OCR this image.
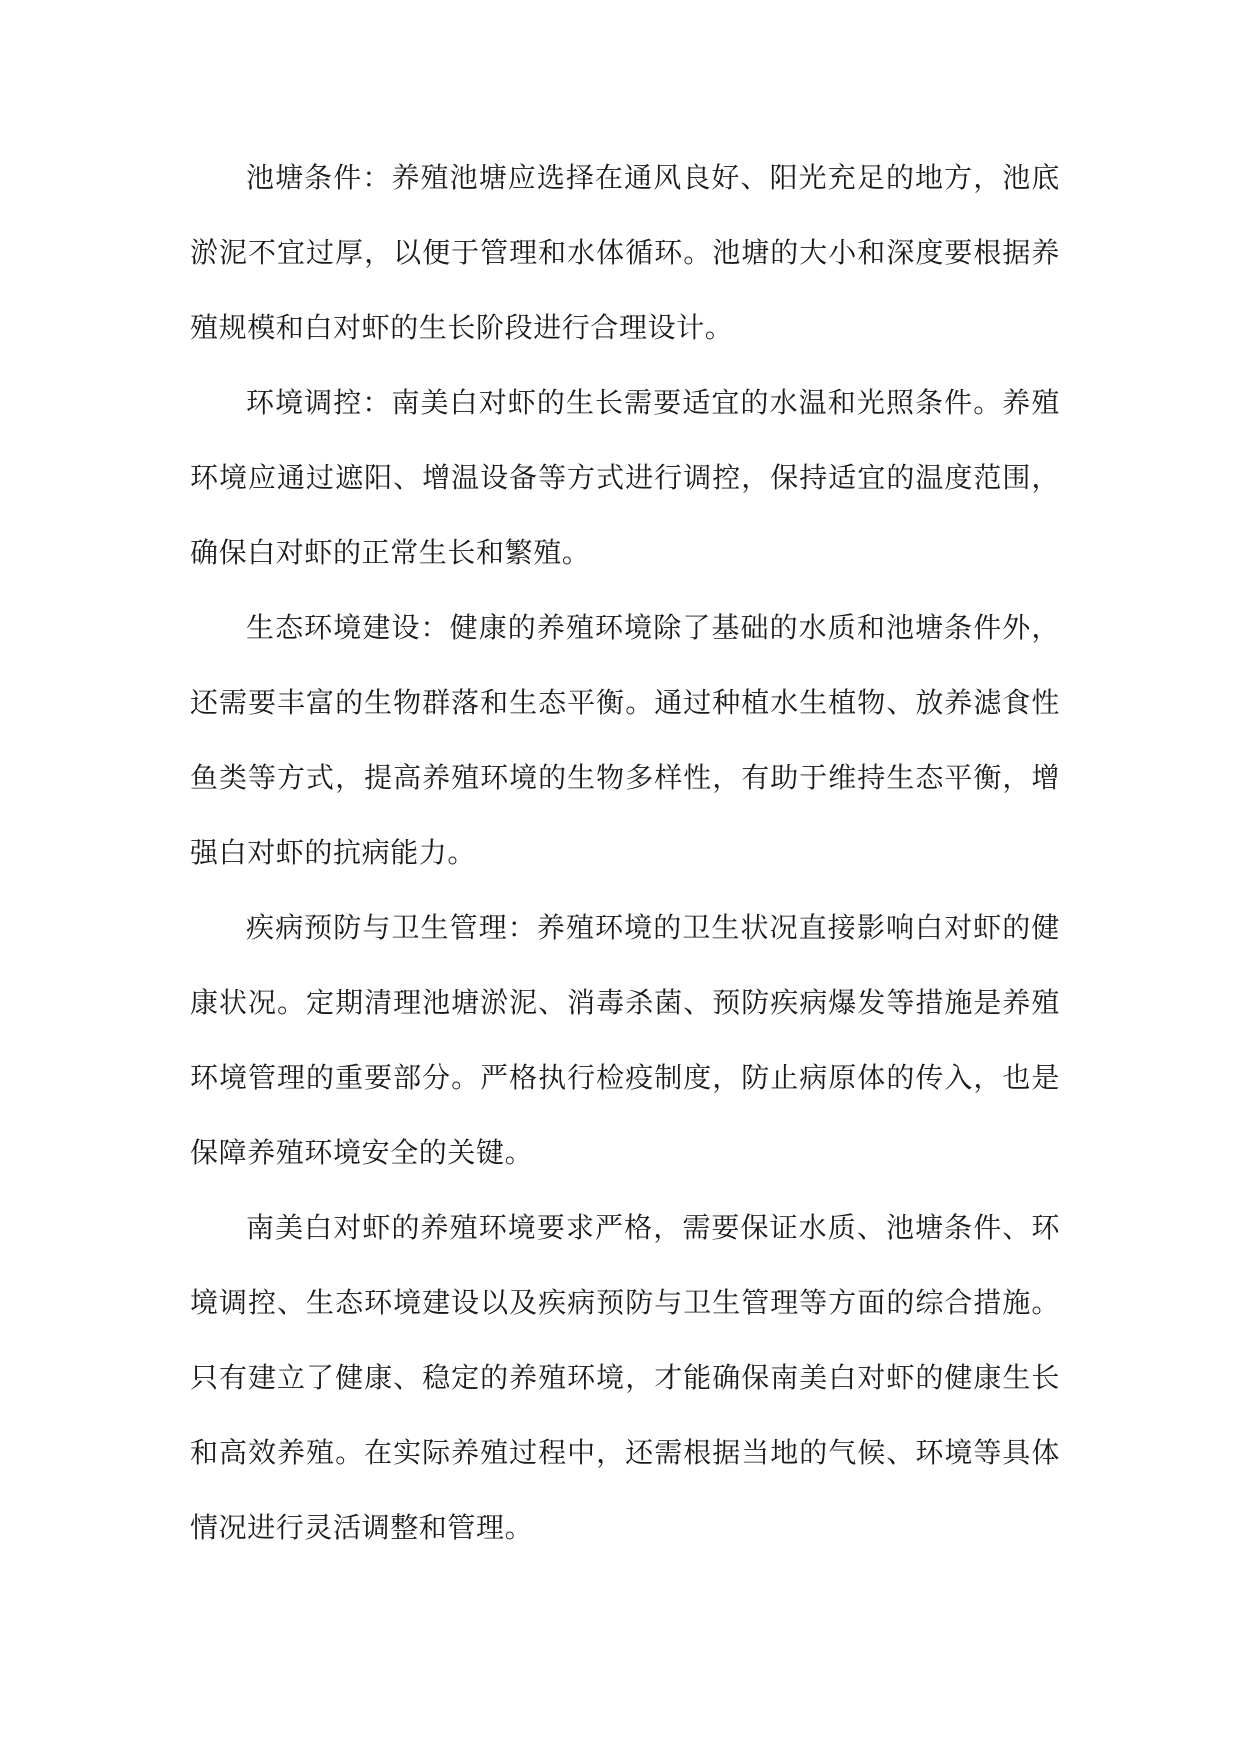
池塘条件：养殖池塘应选择在通风良好、阳光充足的地方，池底淤泥不宜过厚，以便于管理和水体循环。池塘的大小和深度要根据养殖规模和白对虾的生长阶段进行合理设计。

环境调控：南美白对虾的生长需要适宜的水温和光照条件。养殖环境应通过遮阳、增温设备等方式进行调控，保持适宜的温度范围，确保白对虾的正常生长和繁殖。

生态环境建设：健康的养殖环境除了基础的水质和池塘条件外，还需要丰富的生物群落和生态平衡。通过种植水生植物、放养滤食性鱼类等方式，提高养殖环境的生物多样性，有助于维持生态平衡，增强白对虾的抗病能力。

疾病预防与卫生管理：养殖环境的卫生状况直接影响白对虾的健康状况。定期清理池塘淤泥、消毒杀菌、预防疾病爆发等措施是养殖环境管理的重要部分。严格执行检疫制度，防止病原体的传入，也是保障养殖环境安全的关键。

南美白对虾的养殖环境要求严格，需要保证水质、池塘条件、环境调控、生态环境建设以及疾病预防与卫生管理等方面的综合措施。只有建立了健康、稳定的养殖环境，才能确保南美白对虾的健康生长和高效养殖。在实际养殖过程中，还需根据当地的气候、环境等具体情况进行灵活调整和管理。
